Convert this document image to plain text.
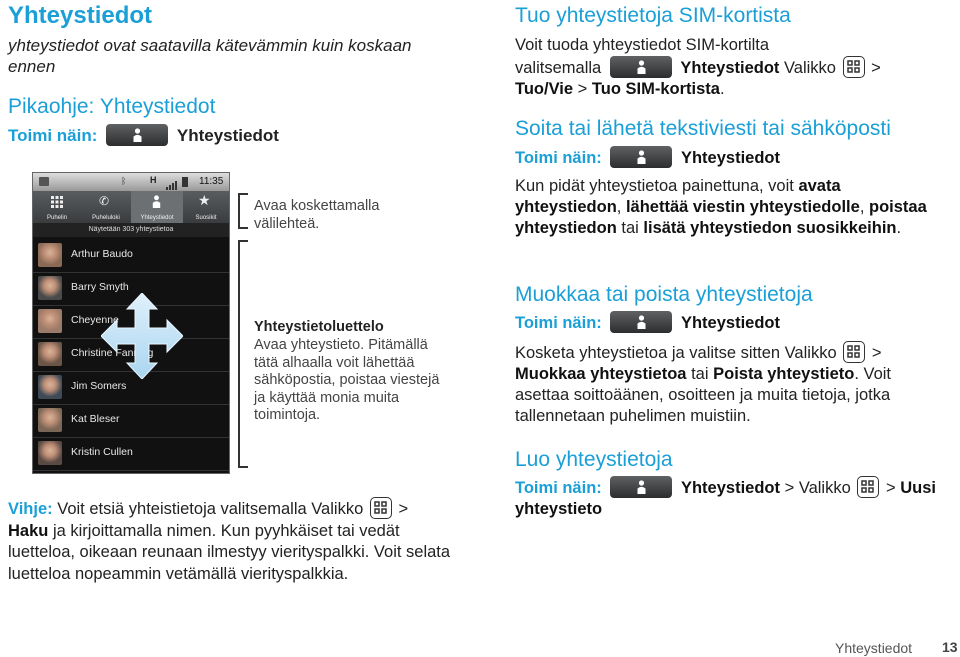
Yhteystiedot
yhteystiedot ovat saatavilla kätevämmin kuin koskaan ennen
Pikaohje: Yhteystiedot
Toimi näin:	Yhteystiedot
ᛒ	H	11:35
Puhelin
✆
Puheluloki	Yhteystiedot
★
Suosikit
Näytetään 303 yhteystietoa
Arthur Baudo
Barry Smyth
Cheyenne
Christine Fanning
Jim Somers
Kat Bleser
Kristin Cullen
Avaa koskettamalla välilehteä.
Yhteystietoluettelo
Avaa yhteystieto. Pitämällä tätä alhaalla voit lähettää sähköpostia, poistaa viestejä ja käyttää monia muita toimintoja.
Vihje: Voit etsiä yhteistietoja valitsemalla Valikko > Haku ja kirjoittamalla nimen. Kun pyyhkäiset tai vedät luetteloa, oikeaan reunaan ilmestyy vierityspalkki. Voit selata luetteloa nopeammin vetämällä vierityspalkkia.
Tuo yhteystietoja SIM-kortista
Voit tuoda yhteystiedot SIM-kortilta
valitsemalla	Yhteystiedot Valikko >
Tuo/Vie > Tuo SIM-kortista.
Soita tai lähetä tekstiviesti tai sähköposti
Toimi näin:	Yhteystiedot
Kun pidät yhteystietoa painettuna, voit avata yhteystiedon, lähettää viestin yhteystiedolle, poistaa yhteystiedon tai lisätä yhteystiedon suosikkeihin.
Muokkaa tai poista yhteystietoja
Toimi näin:	Yhteystiedot
Kosketa yhteystietoa ja valitse sitten Valikko > Muokkaa yhteystietoa tai Poista yhteystieto. Voit asettaa soittoäänen, osoitteen ja muita tietoja, jotka tallennetaan puhelimen muistiin.
Luo yhteystietoja
Toimi näin:	Yhteystiedot > Valikko > Uusi yhteystieto
Yhteystiedot 13
